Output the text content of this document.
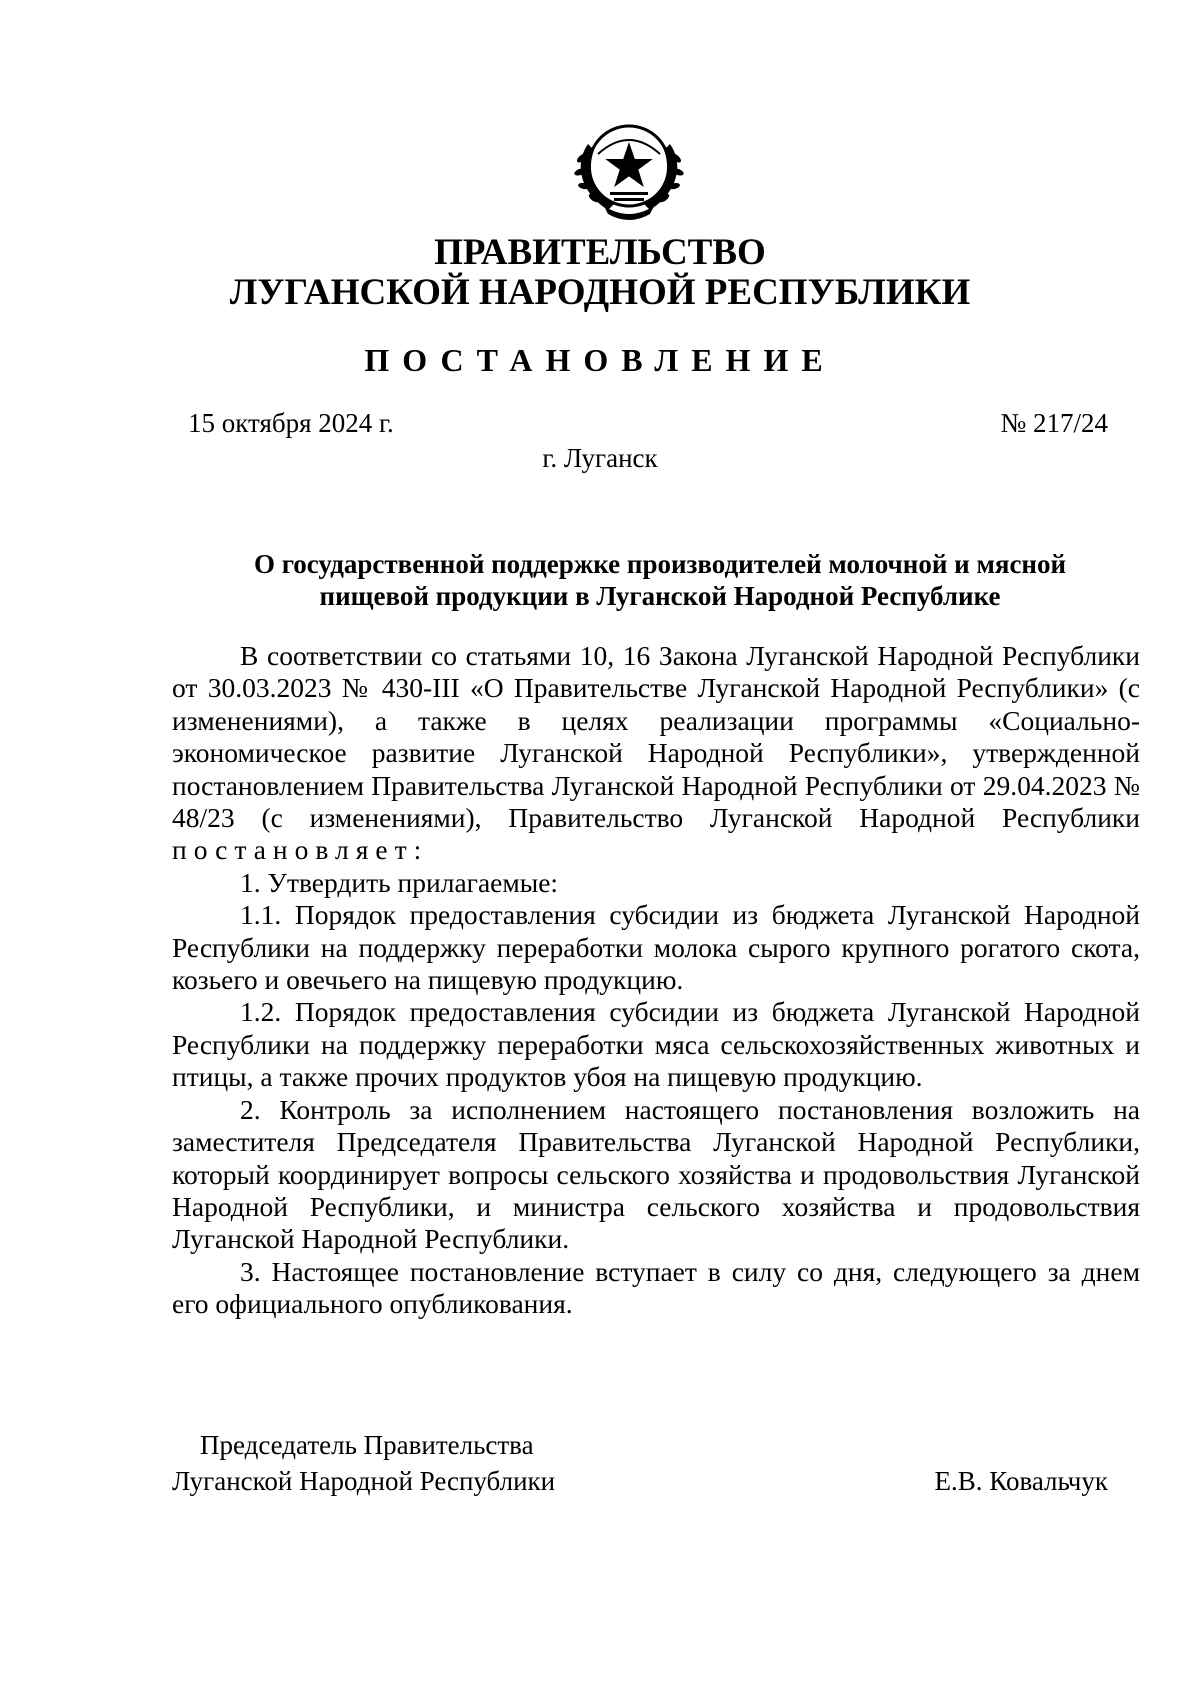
ПРАВИТЕЛЬСТВО
ЛУГАНСКОЙ НАРОДНОЙ РЕСПУБЛИКИ
ПОСТАНОВЛЕНИЕ
15 октября 2024 г.	№ 217/24
г. Луганск

О государственной поддержке производителей молочной и мясной

пищевой продукции в Луганской Народной Республике

В соответствии со статьями 10, 16 Закона Луганской Народной Республики от 30.03.2023 № 430-III «О Правительстве Луганской Народной Республики» (с изменениями), а также в целях реализации программы «Социально-экономическое развитие Луганской Народной Республики», утвержденной постановлением Правительства Луганской Народной Республики от 29.04.2023 № 48/23 (с изменениями), Правительство Луганской Народной Республики постановляет:

1. Утвердить прилагаемые:

1.1. Порядок предоставления субсидии из бюджета Луганской Народной Республики на поддержку переработки молока сырого крупного рогатого скота, козьего и овечьего на пищевую продукцию.

1.2. Порядок предоставления субсидии из бюджета Луганской Народной Республики на поддержку переработки мяса сельскохозяйственных животных и птицы, а также прочих продуктов убоя на пищевую продукцию.

2. Контроль за исполнением настоящего постановления возложить на заместителя Председателя Правительства Луганской Народной Республики, который координирует вопросы сельского хозяйства и продовольствия Луганской Народной Республики, и министра сельского хозяйства и продовольствия Луганской Народной Республики.

3. Настоящее постановление вступает в силу со дня, следующего за днем его официального опубликования.

Председатель Правительства
Луганской Народной Республики	Е.В. Ковальчук
